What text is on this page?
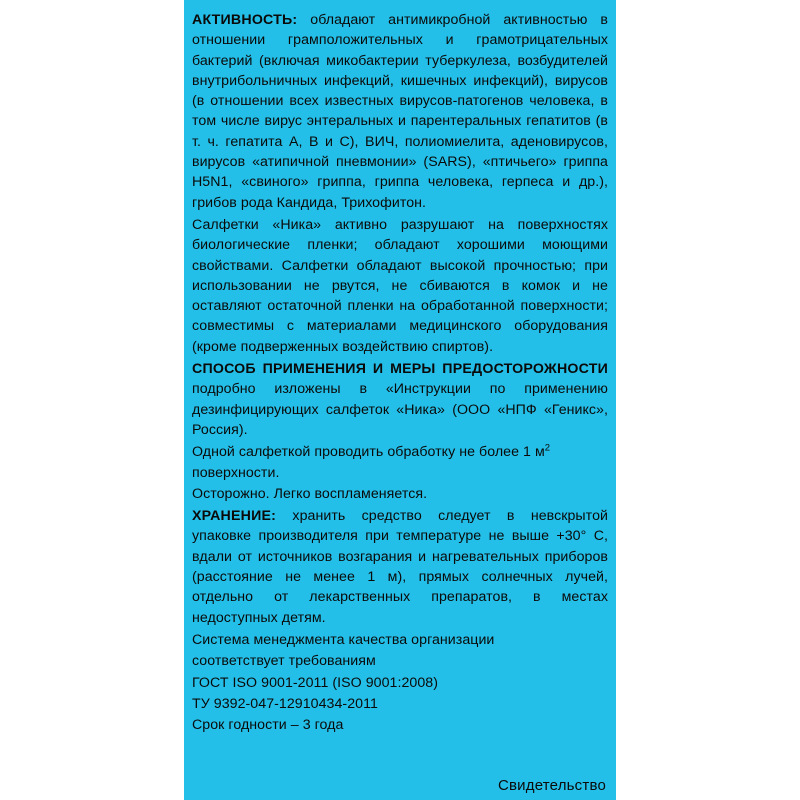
АКТИВНОСТЬ: обладают антимикробной активностью в отношении грамположительных и грамотрицательных бактерий (включая микобактерии туберкулеза, возбудителей внутрибольничных инфекций, кишечных инфекций), вирусов (в отношении всех известных вирусов-патогенов человека, в том числе вирус энтеральных и парентеральных гепатитов (в т. ч. гепатита А, В и С), ВИЧ, полиомиелита, аденовирусов, вирусов «атипичной пневмонии» (SARS), «птичьего» гриппа H5N1, «свиного» гриппа, гриппа человека, герпеса и др.), грибов рода Кандида, Трихофитон.

Салфетки «Ника» активно разрушают на поверхностях биологические пленки; обладают хорошими моющими свойствами. Салфетки обладают высокой прочностью; при использовании не рвутся, не сбиваются в комок и не оставляют остаточной пленки на обработанной поверхности; совместимы с материалами медицинского оборудования (кроме подверженных воздействию спиртов).

СПОСОБ ПРИМЕНЕНИЯ И МЕРЫ ПРЕДОСТОРОЖНОСТИ подробно изложены в «Инструкции по применению дезинфицирующих салфеток «Ника» (ООО «НПФ «Геникс», Россия).

Одной салфеткой проводить обработку не более 1 $м^2$ поверхности.

Осторожно. Легко воспламеняется.

ХРАНЕНИЕ: хранить средство следует в невскрытой упаковке производителя при температуре не выше +30° С, вдали от источников возгарания и нагревательных приборов (расстояние не менее 1 м), прямых солнечных лучей, отдельно от лекарственных препаратов, в местах недоступных детям.

Система менеджмента качества организации

соответствует требованиям

ГОСТ ISO 9001-2011 (ISO 9001:2008)

ТУ 9392-047-12910434-2011

Срок годности – 3 года

Свидетельство
